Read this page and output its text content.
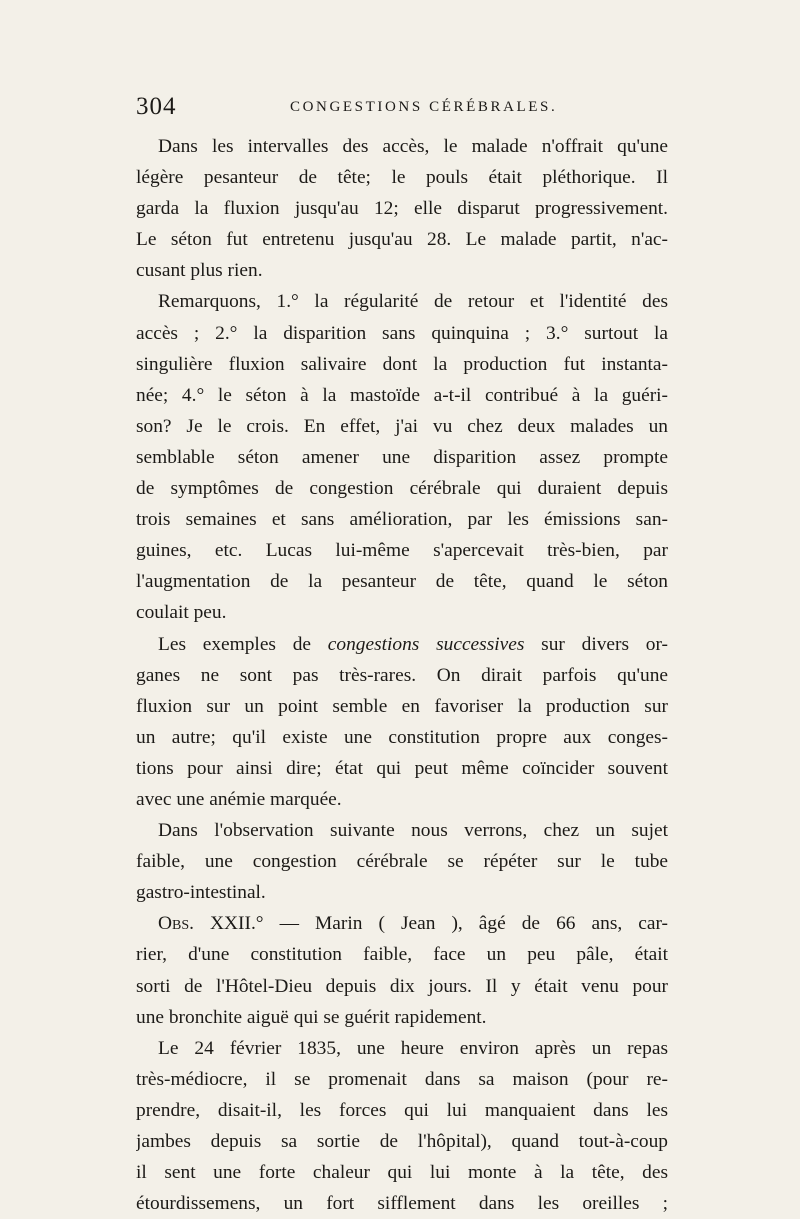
304	CONGESTIONS CÉRÉBRALES.
Dans les intervalles des accès, le malade n'offrait qu'une
légère pesanteur de tête; le pouls était pléthorique. Il
garda la fluxion jusqu'au 12; elle disparut progressivement.
Le séton fut entretenu jusqu'au 28. Le malade partit, n'ac-
cusant plus rien.
Remarquons, 1.° la régularité de retour et l'identité des
accès ; 2.° la disparition sans quinquina ; 3.° surtout la
singulière fluxion salivaire dont la production fut instanta-
née; 4.° le séton à la mastoïde a-t-il contribué à la guéri-
son? Je le crois. En effet, j'ai vu chez deux malades un
semblable séton amener une disparition assez prompte
de symptômes de congestion cérébrale qui duraient depuis
trois semaines et sans amélioration, par les émissions san-
guines, etc. Lucas lui-même s'apercevait très-bien, par
l'augmentation de la pesanteur de tête, quand le séton
coulait peu.
Les exemples de congestions successives sur divers or-
ganes ne sont pas très-rares. On dirait parfois qu'une
fluxion sur un point semble en favoriser la production sur
un autre; qu'il existe une constitution propre aux conges-
tions pour ainsi dire; état qui peut même coïncider souvent
avec une anémie marquée.
Dans l'observation suivante nous verrons, chez un sujet
faible, une congestion cérébrale se répéter sur le tube
gastro-intestinal.
Obs. XXII.° — Marin ( Jean ), âgé de 66 ans, car-
rier, d'une constitution faible, face un peu pâle, était
sorti de l'Hôtel-Dieu depuis dix jours. Il y était venu pour
une bronchite aiguë qui se guérit rapidement.
Le 24 février 1835, une heure environ après un repas
très-médiocre, il se promenait dans sa maison (pour re-
prendre, disait-il, les forces qui lui manquaient dans les
jambes depuis sa sortie de l'hôpital), quand tout-à-coup
il sent une forte chaleur qui lui monte à la tête, des
étourdissemens, un fort sifflement dans les oreilles ;
